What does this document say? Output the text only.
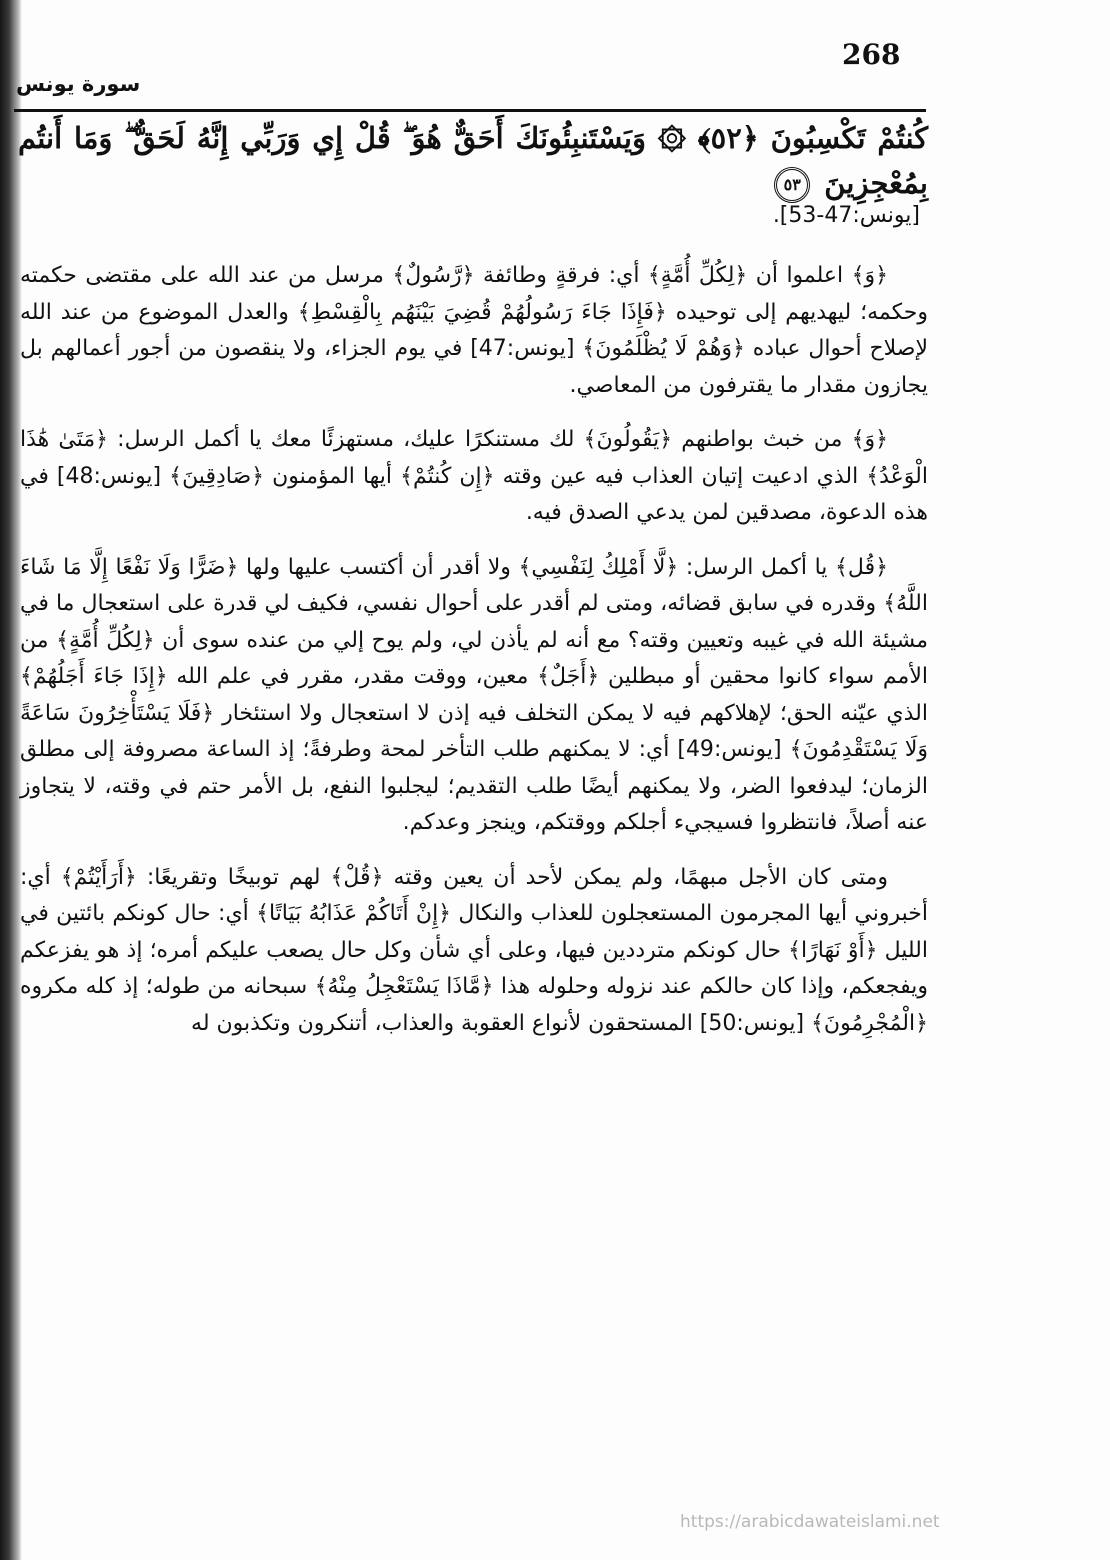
268
سورة يونس
كُنتُمْ تَكْسِبُونَ ﴿٥٢﴾ ۞ وَيَسْتَنبِئُونَكَ أَحَقٌّ هُوَ ۖ قُلْ إِي وَرَبِّي إِنَّهُ لَحَقٌّ ۖ وَمَا أَنتُم بِمُعْجِزِينَ ٥٣
[يونس:47-53].

﴿وَ﴾ اعلموا أن ﴿لِكُلِّ أُمَّةٍ﴾ أي: فرقةٍ وطائفة ﴿رَّسُولٌ﴾ مرسل من عند الله على مقتضى حكمته وحكمه؛ ليهديهم إلى توحيده ﴿فَإِذَا جَاءَ رَسُولُهُمْ قُضِيَ بَيْنَهُم بِالْقِسْطِ﴾ والعدل الموضوع من عند الله لإصلاح أحوال عباده ﴿وَهُمْ لَا يُظْلَمُونَ﴾ [يونس:47] في يوم الجزاء، ولا ينقصون من أجور أعمالهم بل يجازون مقدار ما يقترفون من المعاصي.

﴿وَ﴾ من خبث بواطنهم ﴿يَقُولُونَ﴾ لك مستنكرًا عليك، مستهزئًا معك يا أكمل الرسل: ﴿مَتَىٰ هَٰذَا الْوَعْدُ﴾ الذي ادعيت إتيان العذاب فيه عين وقته ﴿إِن كُنتُمْ﴾ أيها المؤمنون ﴿صَادِقِينَ﴾ [يونس:48] في هذه الدعوة، مصدقين لمن يدعي الصدق فيه.

﴿قُل﴾ يا أكمل الرسل: ﴿لَّا أَمْلِكُ لِنَفْسِي﴾ ولا أقدر أن أكتسب عليها ولها ﴿ضَرًّا وَلَا نَفْعًا إِلَّا مَا شَاءَ اللَّهُ﴾ وقدره في سابق قضائه، ومتى لم أقدر على أحوال نفسي، فكيف لي قدرة على استعجال ما في مشيئة الله في غيبه وتعيين وقته؟ مع أنه لم يأذن لي، ولم يوح إلي من عنده سوى أن ﴿لِكُلِّ أُمَّةٍ﴾ من الأمم سواء كانوا محقين أو مبطلين ﴿أَجَلٌ﴾ معين، ووقت مقدر، مقرر في علم الله ﴿إِذَا جَاءَ أَجَلُهُمْ﴾ الذي عيّنه الحق؛ لإهلاكهم فيه لا يمكن التخلف فيه إذن لا استعجال ولا استئخار ﴿فَلَا يَسْتَأْخِرُونَ سَاعَةً وَلَا يَسْتَقْدِمُونَ﴾ [يونس:49] أي: لا يمكنهم طلب التأخر لمحة وطرفةً؛ إذ الساعة مصروفة إلى مطلق الزمان؛ ليدفعوا الضر، ولا يمكنهم أيضًا طلب التقديم؛ ليجلبوا النفع، بل الأمر حتم في وقته، لا يتجاوز عنه أصلاً، فانتظروا فسيجيء أجلكم ووقتكم، وينجز وعدكم.

ومتى كان الأجل مبهمًا، ولم يمكن لأحد أن يعين وقته ﴿قُلْ﴾ لهم توبيخًا وتقريعًا: ﴿أَرَأَيْتُمْ﴾ أي: أخبروني أيها المجرمون المستعجلون للعذاب والنكال ﴿إِنْ أَتَاكُمْ عَذَابُهُ بَيَاتًا﴾ أي: حال كونكم بائتين في الليل ﴿أَوْ نَهَارًا﴾ حال كونكم مترددين فيها، وعلى أي شأن وكل حال يصعب عليكم أمره؛ إذ هو يفزعكم ويفجعكم، وإذا كان حالكم عند نزوله وحلوله هذا ﴿مَّاذَا يَسْتَعْجِلُ مِنْهُ﴾ سبحانه من طوله؛ إذ كله مكروه ﴿الْمُجْرِمُونَ﴾ [يونس:50] المستحقون لأنواع العقوبة والعذاب، أتنكرون وتكذبون له

https://arabicdawateislami.net
